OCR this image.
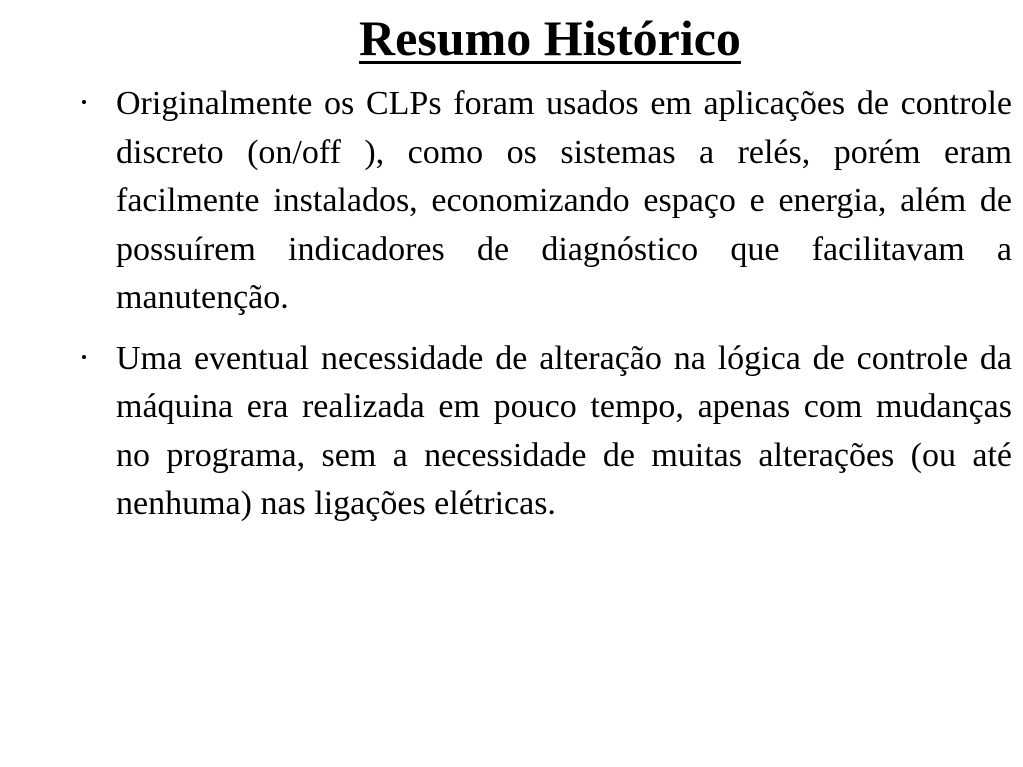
Resumo Histórico

Originalmente os CLPs foram usados em aplicações de controle discreto (on/off ), como os sistemas a relés, porém eram facilmente instalados, economizando espaço e energia, além de possuírem indicadores de diagnóstico que facilitavam a manutenção.

Uma eventual necessidade de alteração na lógica de controle da máquina era realizada em pouco tempo, apenas com mudanças no programa, sem a necessidade de muitas alterações (ou até nenhuma) nas ligações elétricas.
